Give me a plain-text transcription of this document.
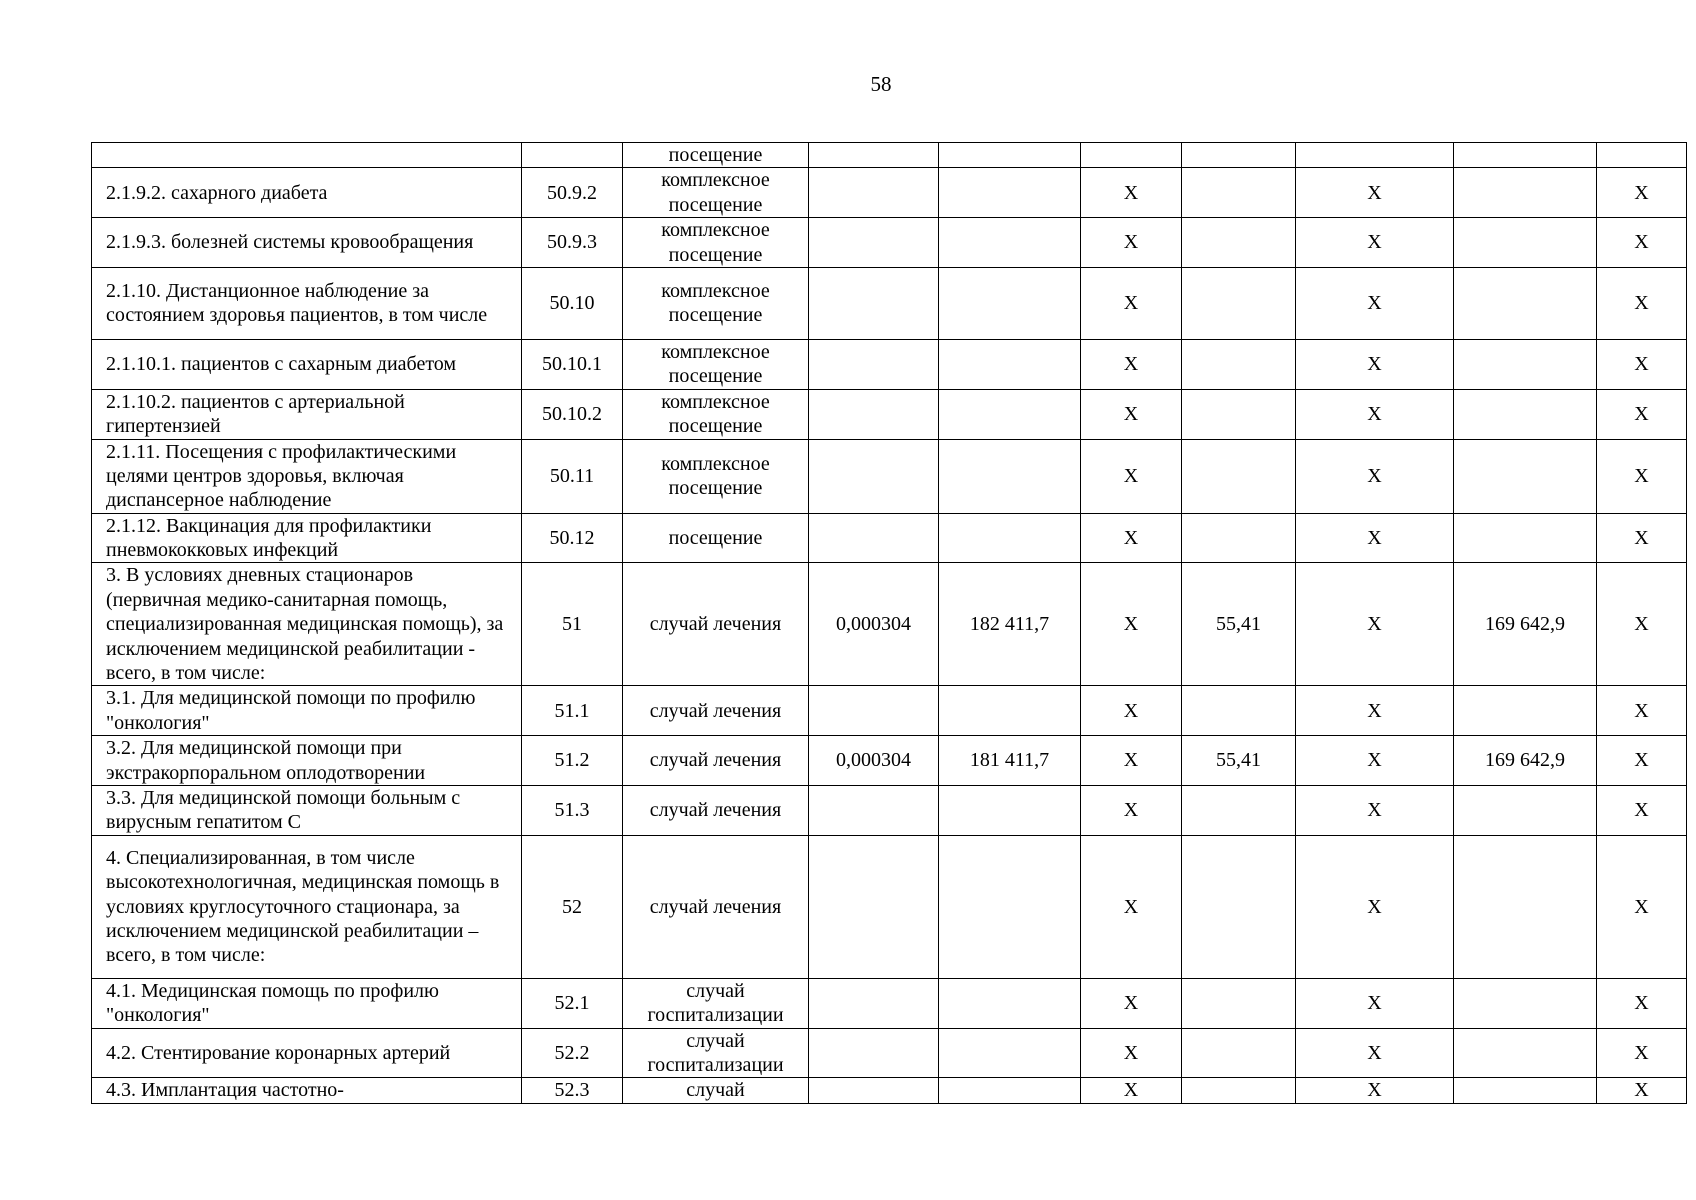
58
		посещение							
2.1.9.2. сахарного диабета	50.9.2	комплексное посещение			Х		Х		Х
2.1.9.3. болезней системы кровообращения	50.9.3	комплексное посещение			Х		Х		Х
2.1.10. Дистанционное наблюдение за состоянием здоровья пациентов, в том числе	50.10	комплексное посещение			Х		Х		Х
2.1.10.1. пациентов с сахарным диабетом	50.10.1	комплексное посещение			Х		Х		Х
2.1.10.2. пациентов с артериальной гипертензией	50.10.2	комплексное посещение			Х		Х		Х
2.1.11. Посещения с профилактическими целями центров здоровья, включая диспансерное наблюдение	50.11	комплексное посещение			Х		Х		Х
2.1.12. Вакцинация для профилактики пневмококковых инфекций	50.12	посещение			Х		Х		Х
3. В условиях дневных стационаров (первичная медико-санитарная помощь, специализированная медицинская помощь), за исключением медицинской реабилитации - всего, в том числе:	51	случай лечения	0,000304	182 411,7	Х	55,41	Х	169 642,9	Х
3.1. Для медицинской помощи по профилю "онкология"	51.1	случай лечения			Х		Х		Х
3.2. Для медицинской помощи при экстракорпоральном оплодотворении	51.2	случай лечения	0,000304	181 411,7	Х	55,41	Х	169 642,9	Х
3.3. Для медицинской помощи больным с вирусным гепатитом С	51.3	случай лечения			Х		Х		Х
4. Специализированная, в том числе высокотехнологичная, медицинская помощь в условиях круглосуточного стационара, за исключением медицинской реабилитации – всего, в том числе:	52	случай лечения			Х		Х		Х
4.1. Медицинская помощь по профилю "онкология"	52.1	случай госпитализации			Х		Х		Х
4.2. Стентирование коронарных артерий	52.2	случай госпитализации			Х		Х		Х
4.3. Имплантация частотно-	52.3	случай			Х		Х		Х
